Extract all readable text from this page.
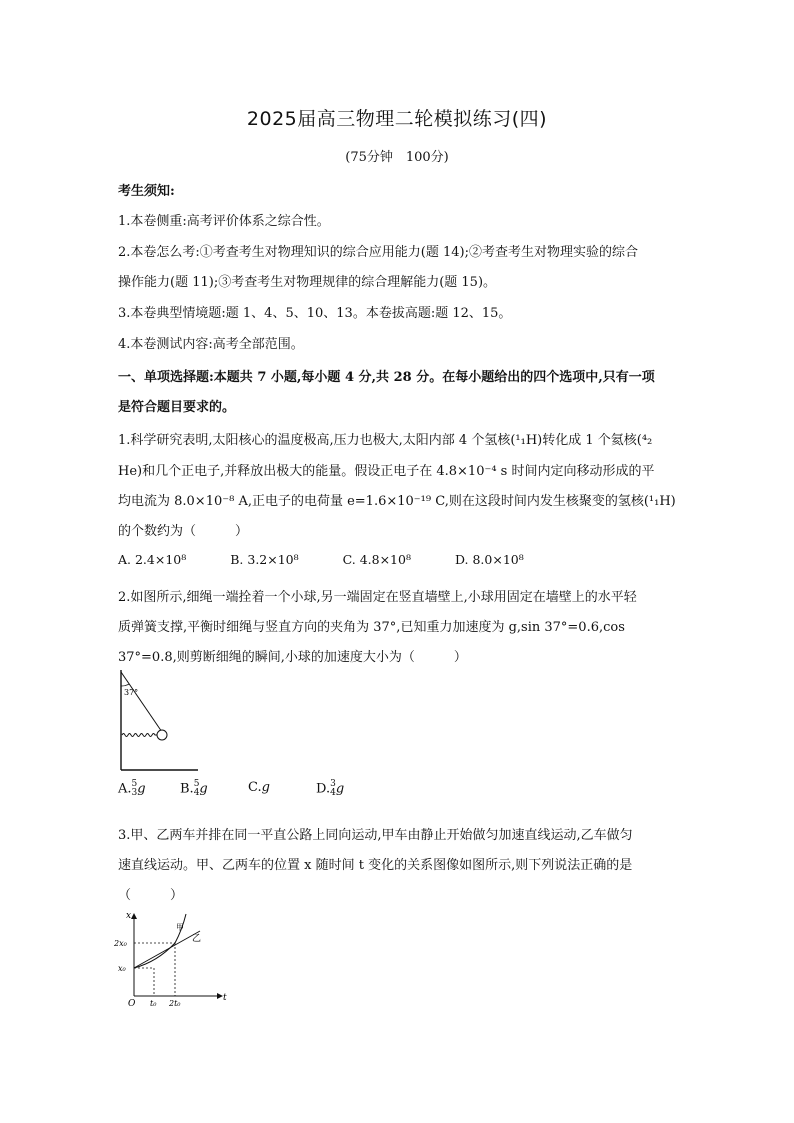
2025届高三物理二轮模拟练习(四)
(75分钟　100分)
考生须知:
1.本卷侧重:高考评价体系之综合性。
2.本卷怎么考:①考查考生对物理知识的综合应用能力(题 14);②考查考生对物理实验的综合
操作能力(题 11);③考查考生对物理规律的综合理解能力(题 15)。
3.本卷典型情境题:题 1、4、5、10、13。本卷拔高题:题 12、15。
4.本卷测试内容:高考全部范围。
一、单项选择题:本题共 7 小题,每小题 4 分,共 28 分。在每小题给出的四个选项中,只有一项
是符合题目要求的。
1.科学研究表明,太阳核心的温度极高,压力也极大,太阳内部 4 个氢核(¹₁H)转化成 1 个氦核(⁴₂
He)和几个正电子,并释放出极大的能量。假设正电子在 4.8×10⁻⁴ s 时间内定向移动形成的平
均电流为 8.0×10⁻⁸ A,正电子的电荷量 e=1.6×10⁻¹⁹ C,则在这段时间内发生核聚变的氢核(¹₁H)
的个数约为（　　　）
A. 2.4×10⁸	B. 3.2×10⁸	C. 4.8×10⁸	D. 8.0×10⁸
2.如图所示,细绳一端拴着一个小球,另一端固定在竖直墙壁上,小球用固定在墙壁上的水平轻
质弹簧支撑,平衡时细绳与竖直方向的夹角为 37°,已知重力加速度为 g,sin 37°=0.6,cos
37°=0.8,则剪断细绳的瞬间,小球的加速度大小为（　　　）
37°
A. 5
3 g	B. 5
4 g	C.g	D. 3
4 g
3.甲、乙两车并排在同一平直公路上同向运动,甲车由静止开始做匀加速直线运动,乙车做匀
速直线运动。甲、乙两车的位置 x 随时间 t 变化的关系图像如图所示,则下列说法正确的是
（　　　）
x
t
O
2x₀
x₀
t₀ 2t₀
甲
乙
